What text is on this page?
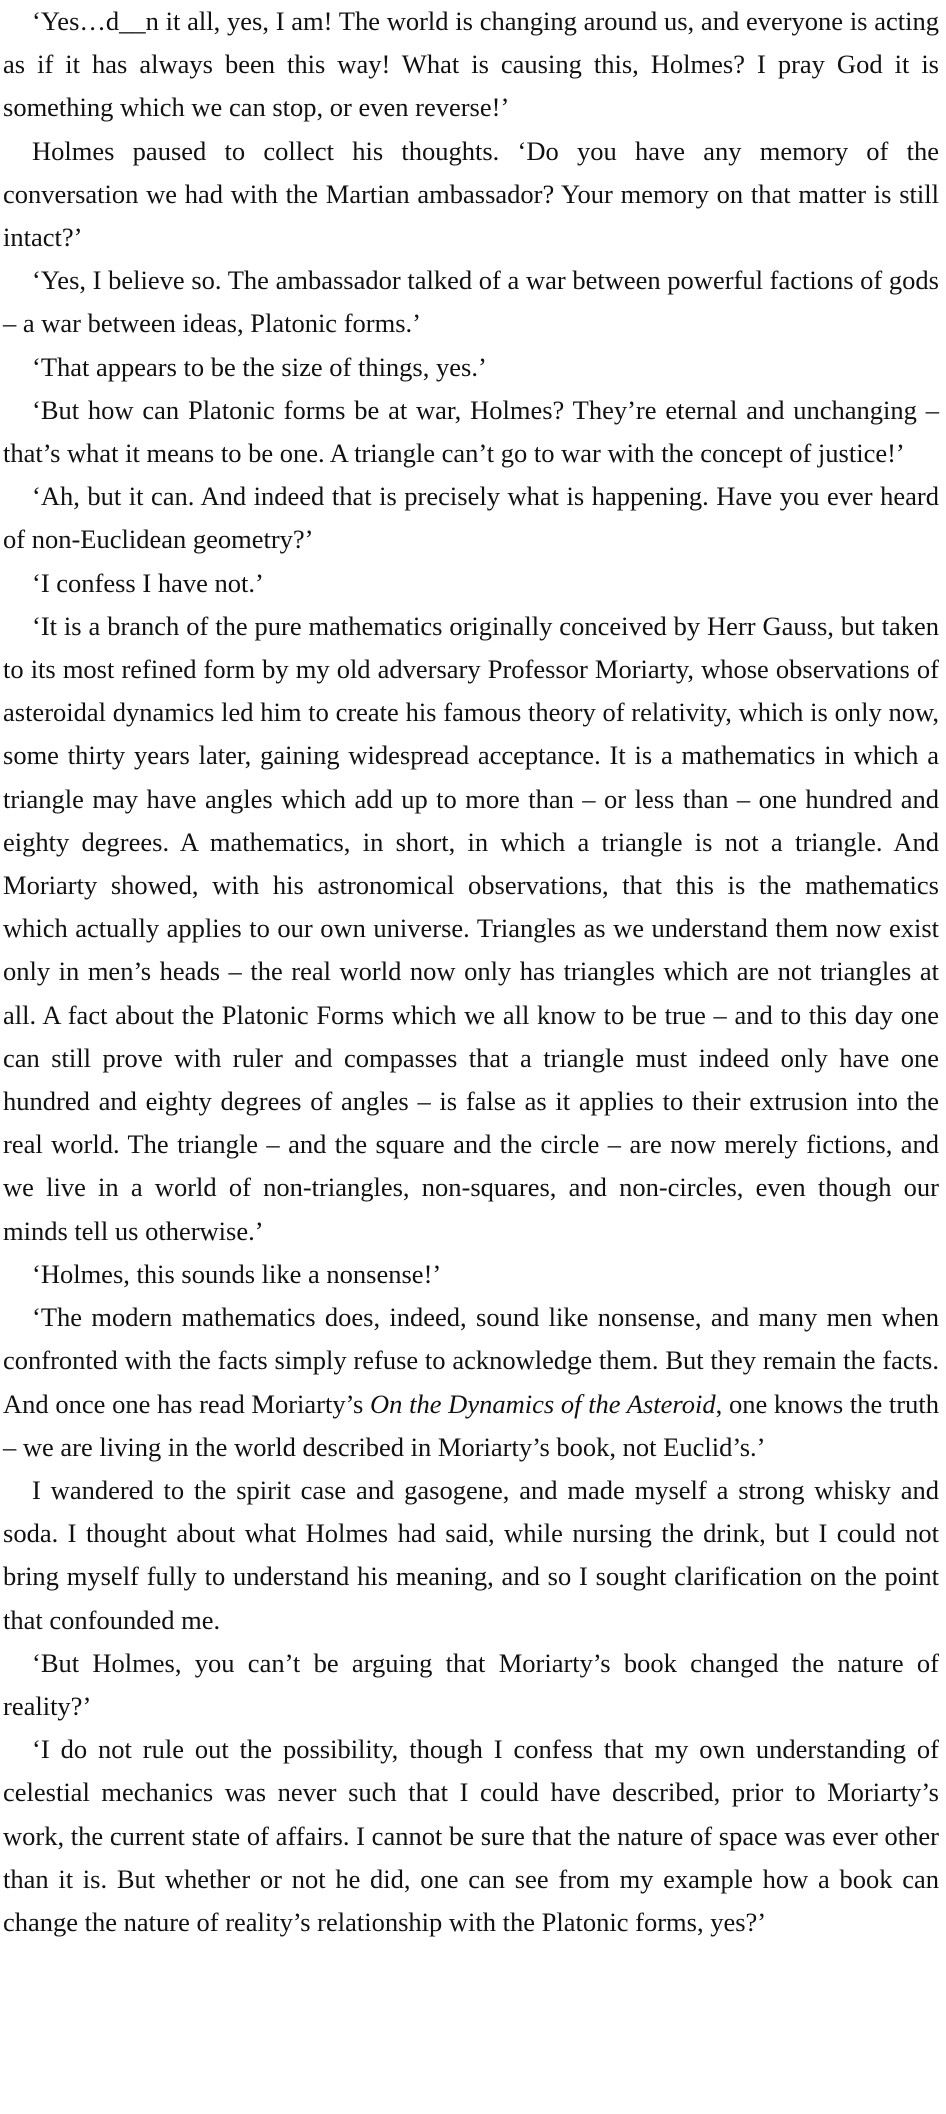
‘Yes…d__n it all, yes, I am! The world is changing around us, and everyone is acting as if it has always been this way! What is causing this, Holmes? I pray God it is something which we can stop, or even reverse!’

Holmes paused to collect his thoughts. ‘Do you have any memory of the conversation we had with the Martian ambassador? Your memory on that matter is still intact?’

‘Yes, I believe so. The ambassador talked of a war between powerful factions of gods – a war between ideas, Platonic forms.’

‘That appears to be the size of things, yes.’

‘But how can Platonic forms be at war, Holmes? They’re eternal and unchanging – that’s what it means to be one. A triangle can’t go to war with the concept of justice!’

‘Ah, but it can. And indeed that is precisely what is happening. Have you ever heard of non-Euclidean geometry?’

‘I confess I have not.’

‘It is a branch of the pure mathematics originally conceived by Herr Gauss, but taken to its most refined form by my old adversary Professor Moriarty, whose observations of asteroidal dynamics led him to create his famous theory of relativity, which is only now, some thirty years later, gaining widespread acceptance. It is a mathematics in which a triangle may have angles which add up to more than – or less than – one hundred and eighty degrees. A mathematics, in short, in which a triangle is not a triangle. And Moriarty showed, with his astronomical observations, that this is the mathematics which actually applies to our own universe. Triangles as we understand them now exist only in men’s heads – the real world now only has triangles which are not triangles at all. A fact about the Platonic Forms which we all know to be true – and to this day one can still prove with ruler and compasses that a triangle must indeed only have one hundred and eighty degrees of angles – is false as it applies to their extrusion into the real world. The triangle – and the square and the circle – are now merely fictions, and we live in a world of non-triangles, non-squares, and non-circles, even though our minds tell us otherwise.’

‘Holmes, this sounds like a nonsense!’

‘The modern mathematics does, indeed, sound like nonsense, and many men when confronted with the facts simply refuse to acknowledge them. But they remain the facts. And once one has read Moriarty’s On the Dynamics of the Asteroid, one knows the truth – we are living in the world described in Moriarty’s book, not Euclid’s.’

I wandered to the spirit case and gasogene, and made myself a strong whisky and soda. I thought about what Holmes had said, while nursing the drink, but I could not bring myself fully to understand his meaning, and so I sought clarification on the point that confounded me.

‘But Holmes, you can’t be arguing that Moriarty’s book changed the nature of reality?’

‘I do not rule out the possibility, though I confess that my own understanding of celestial mechanics was never such that I could have described, prior to Moriarty’s work, the current state of affairs. I cannot be sure that the nature of space was ever other than it is. But whether or not he did, one can see from my example how a book can change the nature of reality’s relationship with the Platonic forms, yes?’
